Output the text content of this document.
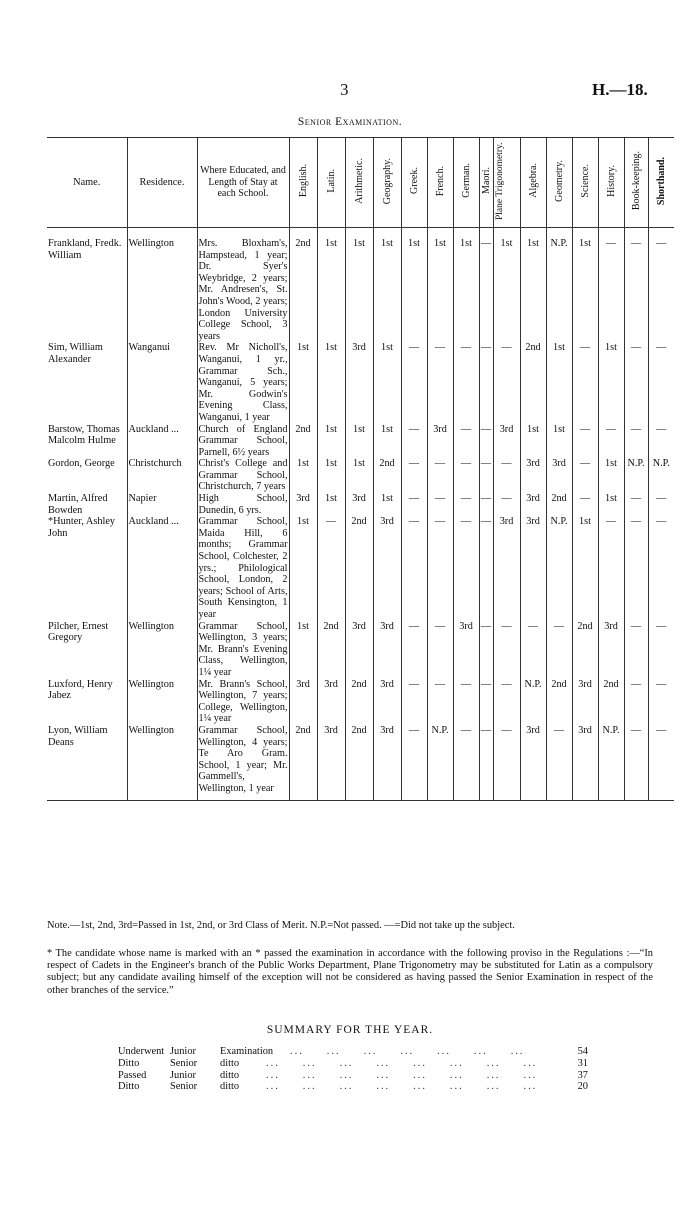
3	H.—18.
Senior Examination.
Name.	Residence.	Where Educated, and Length of Stay at each School.	English.	Latin.	Arithmetic.	Geography.	Greek.	French.	German.	Maori.	Plane Trigonometry.	Algebra.	Geometry.	Science.	History.	Book-keeping.	Shorthand.

Frankland, Fredk. William	Wellington	Mrs. Bloxham's, Hampstead, 1 year; Dr. Syer's Weybridge, 2 years; Mr. Andresen's, St. John's Wood, 2 years; London University College School, 3 years	2nd	1st	1st	1st	1st	1st	1st	—	1st	1st	N.P.	1st	—	—	—
Sim, William Alexander	Wanganui	Rev. Mr Nicholl's, Wanganui, 1 yr., Grammar Sch., Wanganui, 5 years; Mr. Godwin's Evening Class, Wanganui, 1 year	1st	1st	3rd	1st	—	—	—	—	—	2nd	1st	—	1st	—	—
Barstow, Thomas Malcolm Hulme	Auckland ...	Church of England Grammar School, Parnell, 6½ years	2nd	1st	1st	1st	—	3rd	—	—	3rd	1st	1st	—	—	—	—
Gordon, George	Christchurch	Christ's College and Grammar School, Christchurch, 7 years	1st	1st	1st	2nd	—	—	—	—	—	3rd	3rd	—	1st	N.P.	N.P.
Martin, Alfred Bowden	Napier	High School, Dunedin, 6 yrs.	3rd	1st	3rd	1st	—	—	—	—	—	3rd	2nd	—	1st	—	—
*Hunter, Ashley John	Auckland ...	Grammar School, Maida Hill, 6 months; Grammar School, Colchester, 2 yrs.; Philological School, London, 2 years; School of Arts, South Kensington, 1 year	1st	—	2nd	3rd	—	—	—	—	3rd	3rd	N.P.	1st	—	—	—
Pilcher, Ernest Gregory	Wellington	Grammar School, Wellington, 3 years; Mr. Brann's Evening Class, Wellington, 1¼ year	1st	2nd	3rd	3rd	—	—	3rd	—	—	—	—	2nd	3rd	—	—
Luxford, Henry Jabez	Wellington	Mr. Brann's School, Wellington, 7 years; College, Wellington, 1¼ year	3rd	3rd	2nd	3rd	—	—	—	—	—	N.P.	2nd	3rd	2nd	—	—
Lyon, William Deans	Wellington	Grammar School, Wellington, 4 years; Te Aro Gram. School, 1 year; Mr. Gammell's, Wellington, 1 year	2nd	3rd	2nd	3rd	—	N.P.	—	—	—	3rd	—	3rd	N.P.	—	—

Note.—1st, 2nd, 3rd=Passed in 1st, 2nd, or 3rd Class of Merit. N.P.=Not passed. —=Did not take up the subject.
* The candidate whose name is marked with an * passed the examination in accordance with the following proviso in the Regulations :—“In respect of Cadets in the Engineer's branch of the Public Works Department, Plane Trigonometry may be substituted for Latin as a compulsory subject; but any candidate availing himself of the exception will not be considered as having passed the Senior Examination in respect of the other branches of the service.”
SUMMARY FOR THE YEAR.
Underwent Junior	Examination	...     ...     ...     ...     ...     ...     ...	54
Ditto	Senior	ditto	...     ...     ...     ...     ...     ...     ...     ...	31
Passed	Junior	ditto	...     ...     ...     ...     ...     ...     ...     ...	37
Ditto	Senior	ditto	...     ...     ...     ...     ...     ...     ...     ...	20
